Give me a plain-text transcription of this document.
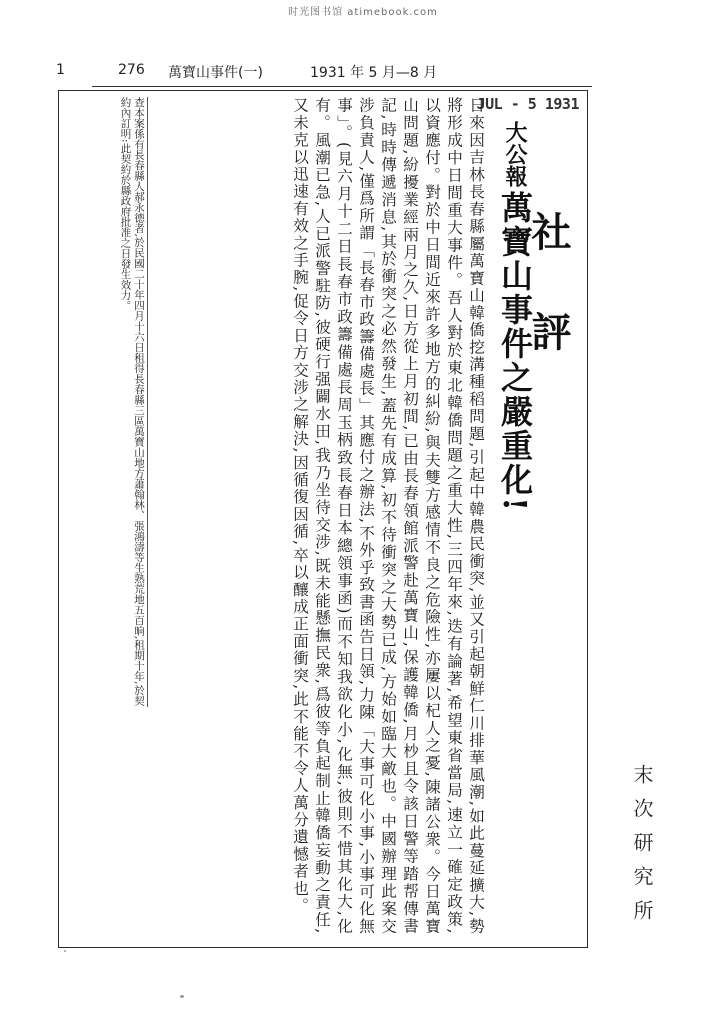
时光图书馆 atimebook.com
1	276 萬寶山事件(一)	1931 年 5 月—8 月
JUL - 5 1931
大公報
社評
萬寶山事件之嚴重化!

日來因吉林長春縣屬萬寶山韓僑挖溝種稻問題,引起中韓農民衝突,並又引起朝鮮仁川排華風潮,如此蔓延擴大,勢將形成中日間重大事件。吾人對於東北韓僑問題之重大性,三四年來,迭有論著,希望東省當局,速立一確定政策,以資應付。對於中日間近來許多地方的糾紛,與夫雙方感情不良之危險性,亦屢以杞人之憂,陳諸公衆。今日萬寶山問題,紛擾業經兩月之久,日方從上月初間,已由長春領館派警赴萬寶山,保護韓僑,月杪且令該日警等踏帮傳書記,時時傳遞消息,其於衝突之必然發生,蓋先有成算,初不待衝突之大勢已成,方始如臨大敵也。中國辦理此案交涉負責人,僅爲所謂「長春市政籌備處長」其應付之辦法,不外乎致書函告日領,力陳「大事可化小事,小事可化無事」。(見六月十二日長春市政籌備處長周玉柄致長春日本總領事函)而不知我欲化小,化無,彼則不惜其化大,化有。風潮已急,人已派警駐防,彼硬行强闢水田,我乃坐待交涉,既未能懸撫民衆,爲彼等負起制止韓僑妄動之責任,又未克以迅速有效之手腕,促令日方交涉之解決,因循復因循,卒以釀成正面衝突,此不能不令人萬分遺憾者也。

查本案係有長春縣人郝永德者,於民國二十年四月十六日租得長春縣三區萬寶山地方蕭翰林、張鴻濤等生熟荒地五百晌,租期十年,於契約內訂明:此契約於縣政府批准之日發生效力。
末次研究所
